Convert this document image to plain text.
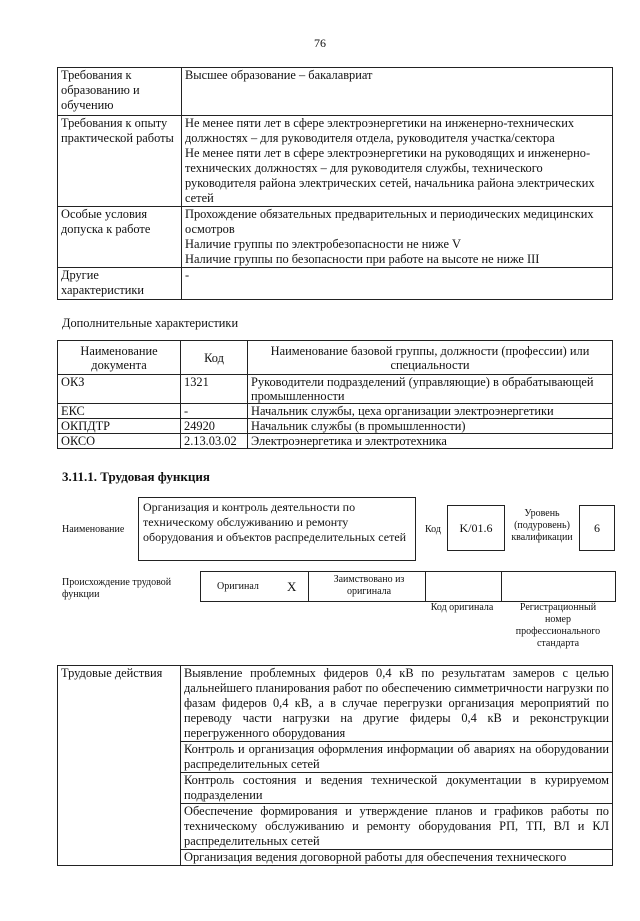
76
Требования к образованию и обучению	Высшее образование – бакалавриат

Требования к опыту практической работы	Не менее пяти лет в сфере электроэнергетики на инженерно-технических должностях – для руководителя отдела, руководителя участка/сектора

Не менее пяти лет в сфере электроэнергетики на руководящих и инженерно-технических должностях – для руководителя службы, технического руководителя района электрических сетей, начальника района электрических сетей

Особые условия допуска к работе	Прохождение обязательных предварительных и периодических медицинских осмотров

Наличие группы по электробезопасности не ниже V

Наличие группы по безопасности при работе на высоте не ниже III

Другие характеристики	-

Дополнительные характеристики
Наименование документа	Код	Наименование базовой группы, должности (профессии) или специальности
ОКЗ	1321	Руководители подразделений (управляющие) в обрабатывающей промышленности
ЕКС	-	Начальник службы, цеха организации электроэнергетики
ОКПДТР	24920	Начальник службы (в промышленности)
ОКСО	2.13.03.02	Электроэнергетика и электротехника
3.11.1. Трудовая функция
Наименование
Организация и контроль деятельности по техническому обслуживанию и ремонту оборудования и объектов распределительных сетей
Код	K/01.6
Уровень (подуровень) квалификации
6
Происхождение трудовой функции
Оригинал X	Заимствовано из оригинала
Код оригинала	Регистрационный номер профессионального стандарта
Трудовые действия	Выявление проблемных фидеров 0,4 кВ по результатам замеров с целью дальнейшего планирования работ по обеспечению симметричности нагрузки по фазам фидеров 0,4 кВ, а в случае перегрузки организация мероприятий по переводу части нагрузки на другие фидеры 0,4 кВ и реконструкции перегруженного оборудования
Контроль и организация оформления информации об авариях на оборудовании распределительных сетей
Контроль состояния и ведения технической документации в курируемом подразделении
Обеспечение формирования и утверждение планов и графиков работы по техническому обслуживанию и ремонту оборудования РП, ТП, ВЛ и КЛ распределительных сетей
Организация ведения договорной работы для обеспечения технического
